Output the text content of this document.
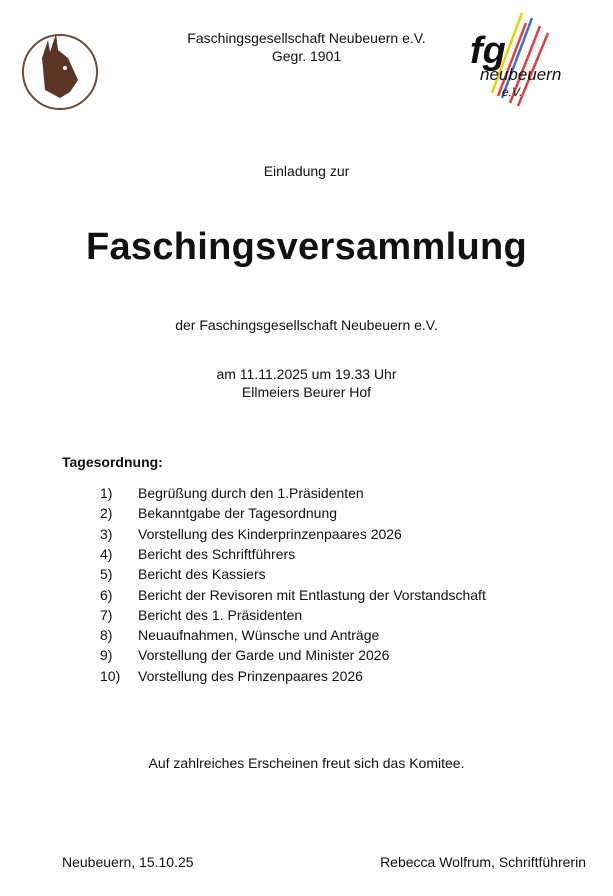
fg
neubeuern
e.V.
Faschingsgesellschaft Neubeuern e.V.
Gegr. 1901
Einladung zur
Faschingsversammlung
der Faschingsgesellschaft Neubeuern e.V.
am 11.11.2025 um 19.33 Uhr
Ellmeiers Beurer Hof
Tagesordnung:
1) Begrüßung durch den 1.Präsidenten
2) Bekanntgabe der Tagesordnung
3) Vorstellung des Kinderprinzenpaares 2026
4) Bericht des Schriftführers
5) Bericht des Kassiers
6) Bericht der Revisoren mit Entlastung der Vorstandschaft
7) Bericht des 1. Präsidenten
8) Neuaufnahmen, Wünsche und Anträge
9) Vorstellung der Garde und Minister 2026
10) Vorstellung des Prinzenpaares 2026
Auf zahlreiches Erscheinen freut sich das Komitee.
Neubeuern, 15.10.25	Rebecca Wolfrum, Schriftführerin
